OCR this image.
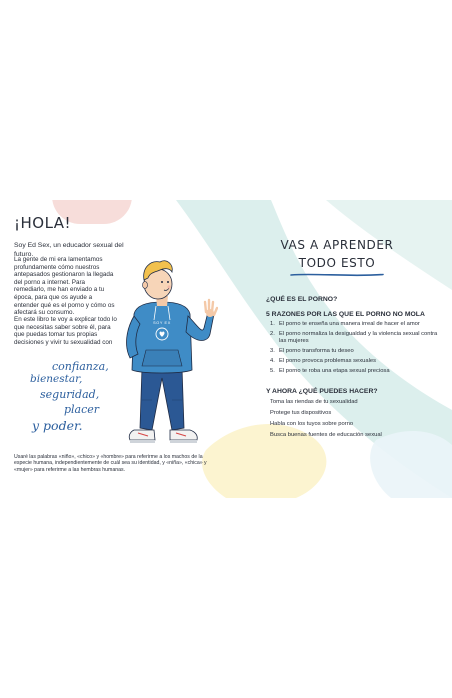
¡HOLA!
Soy Ed Sex, un educador sexual del futuro.
La gente de mi era lamentamos profundamente cómo nuestros antepasados gestionaron la llegada del porno a internet. Para remediarlo, me han enviado a tu época, para que os ayude a entender qué es el porno y cómo os afectará su consumo.
En este libro te voy a explicar todo lo que necesitas saber sobre él, para que puedas tomar tus propias decisiones y vivir tu sexualidad con
confianza,
bienestar,
seguridad,
placer
y poder.
Usaré las palabras «niño», «chico» y «hombre» para referirme a los machos de la especie humana, independientemente de cuál sea su identidad, y «niña», «chica» y «mujer» para referirme a las hembras humanas.
SOY EX
VAS A APRENDER
TODO ESTO
¿QUÉ ES EL PORNO?
5 RAZONES POR LAS QUE EL PORNO NO MOLA
1. El porno te enseña una manera irreal de hacer el amor
2. El porno normaliza la desigualdad y la violencia sexual contra las mujeres
3. El porno transforma tu deseo
4. El porno provoca problemas sexuales
5. El porno te roba una etapa sexual preciosa
Y AHORA ¿QUÉ PUEDES HACER?
Toma las riendas de tu sexualidad
Protege tus dispositivos
Habla con los tuyos sobre porno
Busca buenas fuentes de educación sexual
